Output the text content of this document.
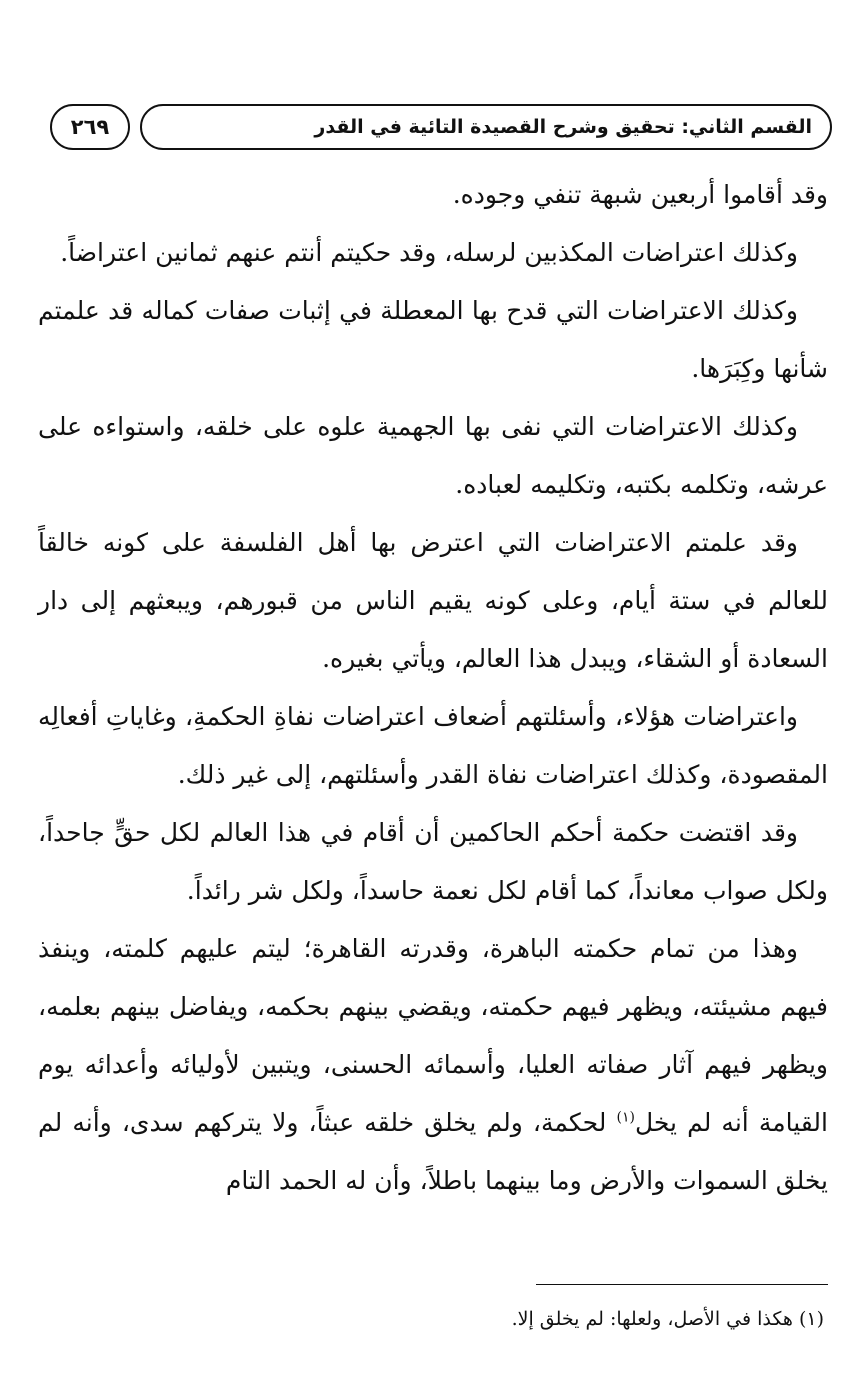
القسم الثاني: تحقيق وشرح القصيدة التائية في القدر
٢٦٩

وقد أقاموا أربعين شبهة تنفي وجوده.

وكذلك اعتراضات المكذبين لرسله، وقد حكيتم أنتم عنهم ثمانين اعتراضاً.

وكذلك الاعتراضات التي قدح بها المعطلة في إثبات صفات كماله قد علمتم شأنها وكِبَرَها.

وكذلك الاعتراضات التي نفى بها الجهمية علوه على خلقه، واستواءه على عرشه، وتكلمه بكتبه، وتكليمه لعباده.

وقد علمتم الاعتراضات التي اعترض بها أهل الفلسفة على كونه خالقاً للعالم في ستة أيام، وعلى كونه يقيم الناس من قبورهم، ويبعثهم إلى دار السعادة أو الشقاء، ويبدل هذا العالم، ويأتي بغيره.

واعتراضات هؤلاء، وأسئلتهم أضعاف اعتراضات نفاةِ الحكمةِ، وغاياتِ أفعالِه المقصودة، وكذلك اعتراضات نفاة القدر وأسئلتهم، إلى غير ذلك.

وقد اقتضت حكمة أحكم الحاكمين أن أقام في هذا العالم لكل حقٍّ جاحداً، ولكل صواب معانداً، كما أقام لكل نعمة حاسداً، ولكل شر رائداً.

وهذا من تمام حكمته الباهرة، وقدرته القاهرة؛ ليتم عليهم كلمته، وينفذ فيهم مشيئته، ويظهر فيهم حكمته، ويقضي بينهم بحكمه، ويفاضل بينهم بعلمه، ويظهر فيهم آثار صفاته العليا، وأسمائه الحسنى، ويتبين لأوليائه وأعدائه يوم القيامة أنه لم يخل$^{(١)}$ لحكمة، ولم يخلق خلقه عبثاً، ولا يتركهم سدى، وأنه لم يخلق السموات والأرض وما بينهما باطلاً، وأن له الحمد التام

(١) هكذا في الأصل، ولعلها: لم يخلق إلا.
